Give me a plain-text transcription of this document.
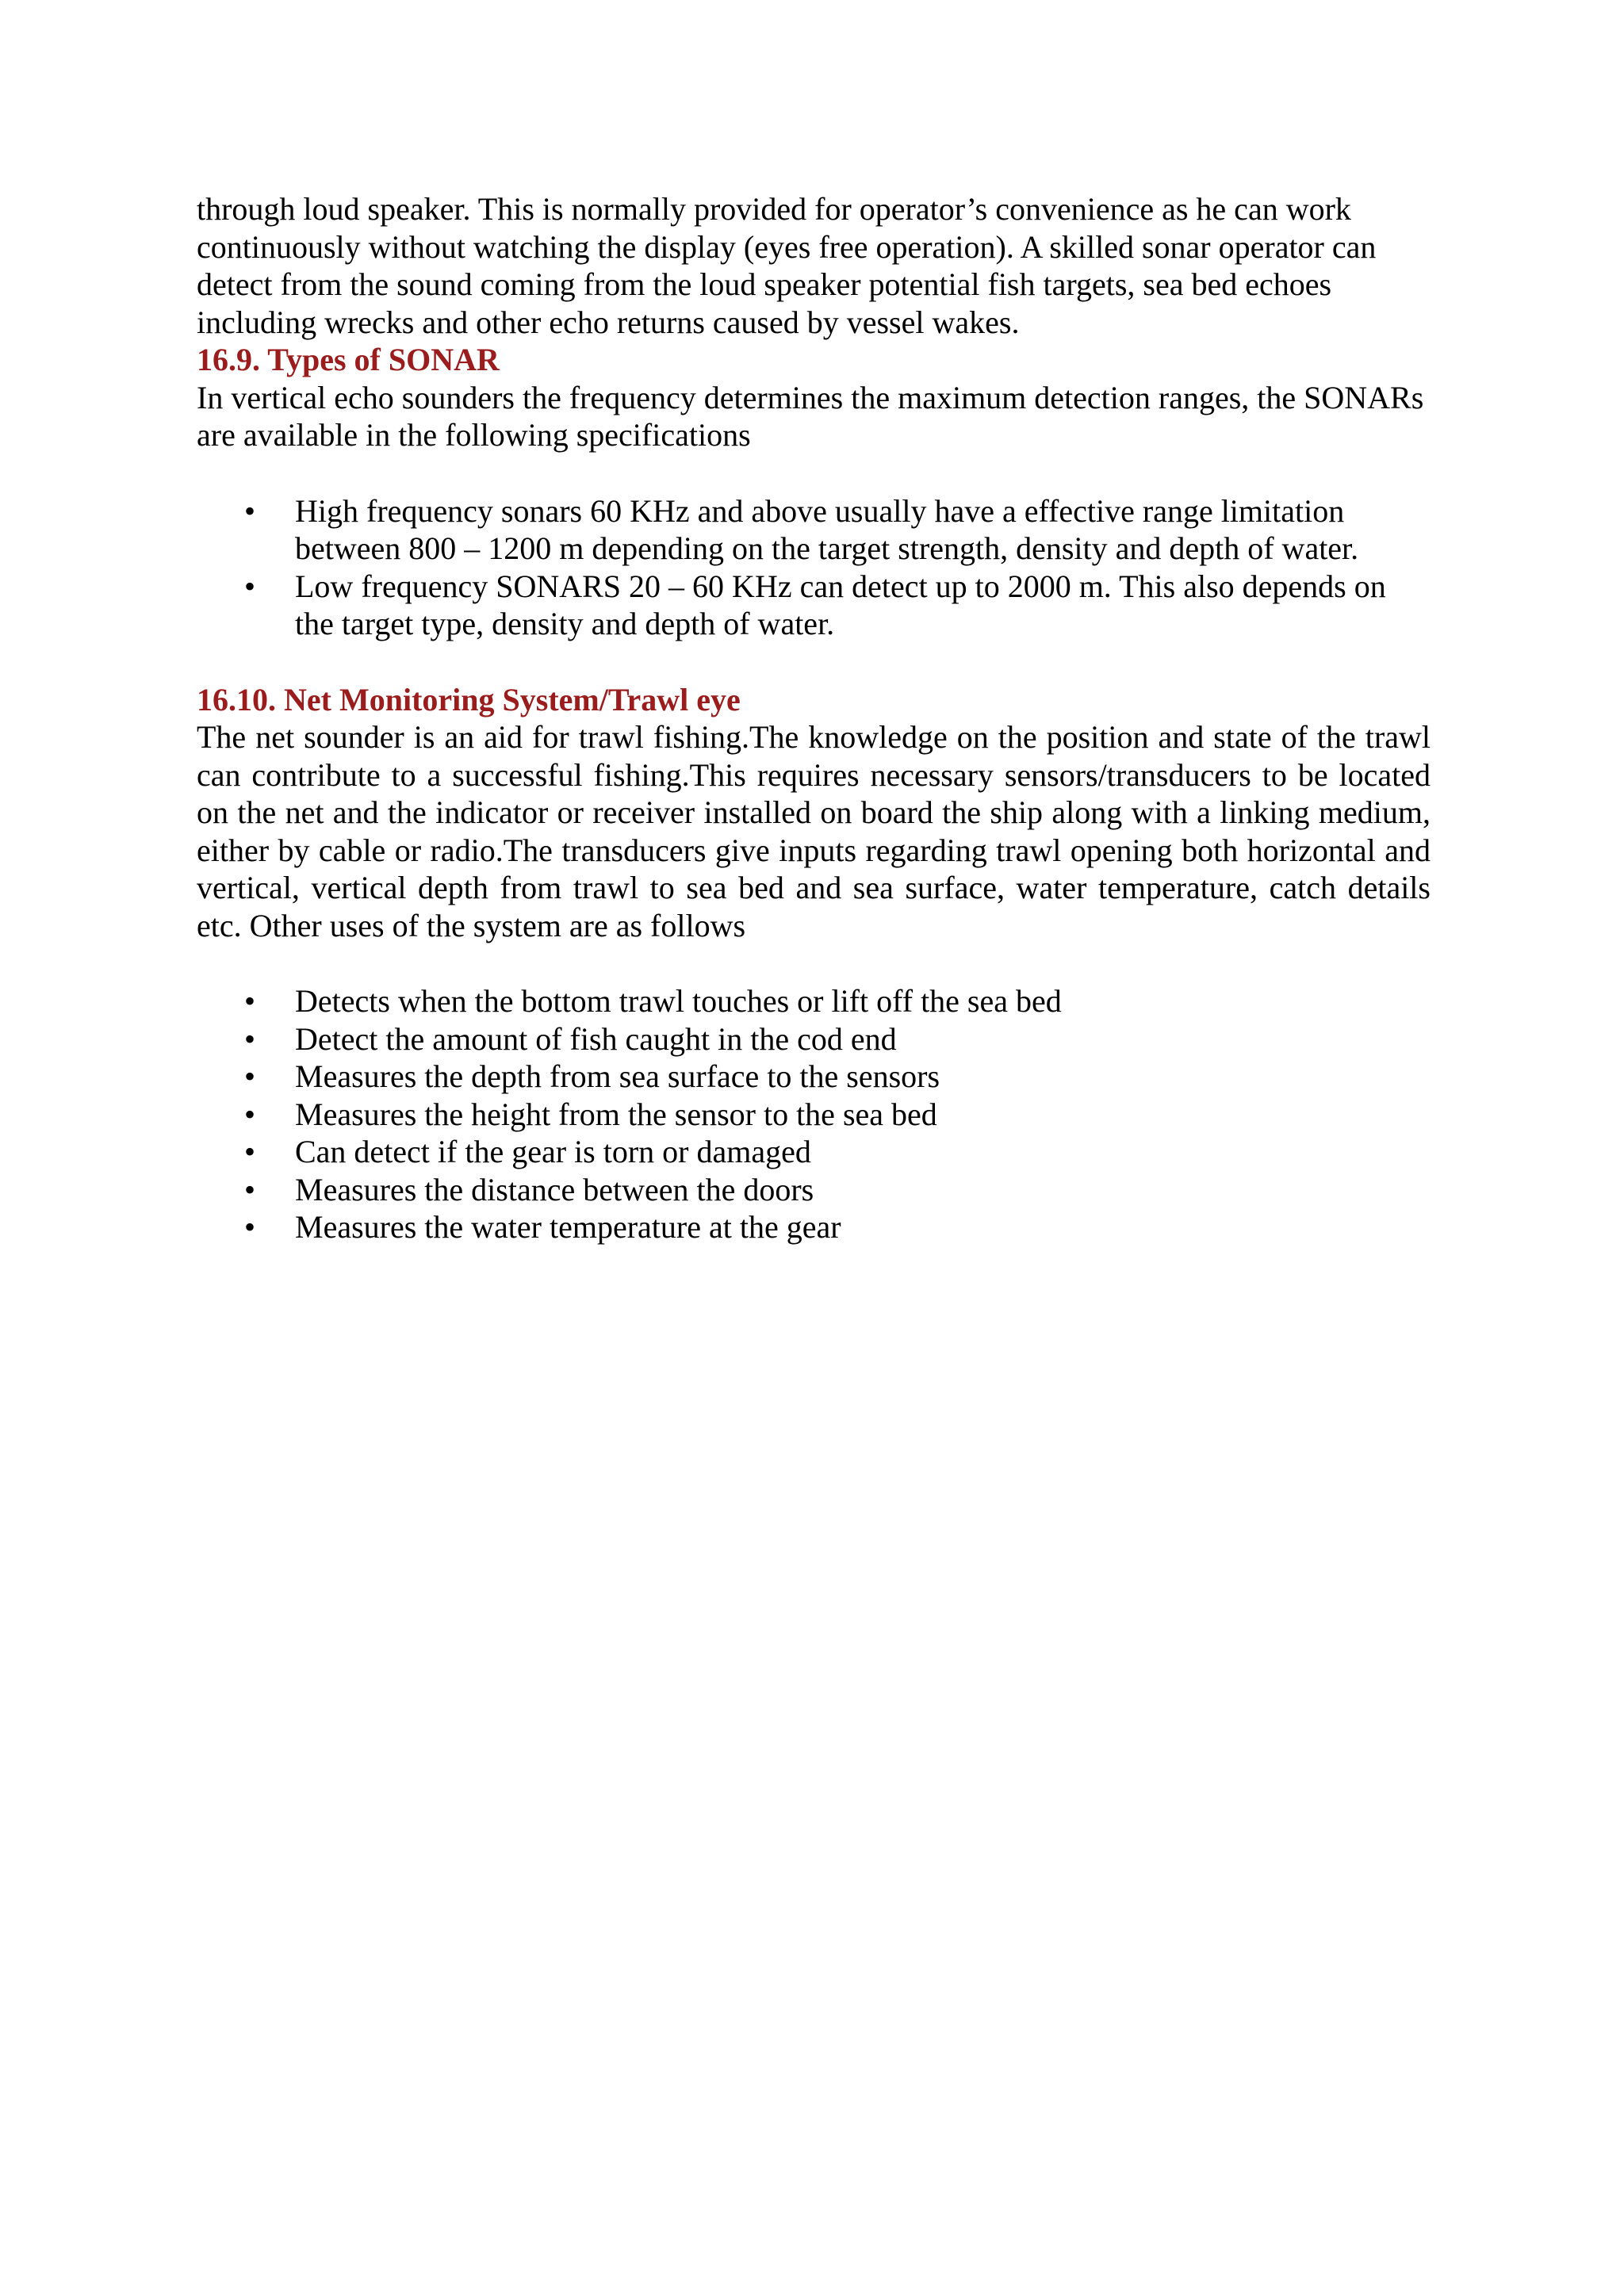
through loud speaker. This is normally provided for operator’s convenience as he can work continuously without watching the display (eyes free operation). A skilled sonar operator can detect from the sound coming from the loud speaker potential fish targets, sea bed echoes including wrecks and other echo returns caused by vessel wakes.

16.9. Types of SONAR

In vertical echo sounders the frequency determines the maximum detection ranges, the SONARs are available in the following specifications

• High frequency sonars 60 KHz and above usually have a effective range limitation between 800 – 1200 m depending on the target strength, density and depth of water.
• Low frequency SONARS 20 – 60 KHz can detect up to 2000 m. This also depends on the target type, density and depth of water.

16.10. Net Monitoring System/Trawl eye

The net sounder is an aid for trawl fishing.The knowledge on the position and state of the trawl can contribute to a successful fishing.This requires necessary sensors/transducers to be located on the net and the indicator or receiver installed on board the ship along with a linking medium, either by cable or radio.The transducers give inputs regarding trawl opening both horizontal and vertical, vertical depth from trawl to sea bed and sea surface, water temperature, catch details etc. Other uses of the system are as follows

• Detects when the bottom trawl touches or lift off the sea bed
• Detect the amount of fish caught in the cod end
• Measures the depth from sea surface to the sensors
• Measures the height from the sensor to the sea bed
• Can detect if the gear is torn or damaged
• Measures the distance between the doors
• Measures the water temperature at the gear
